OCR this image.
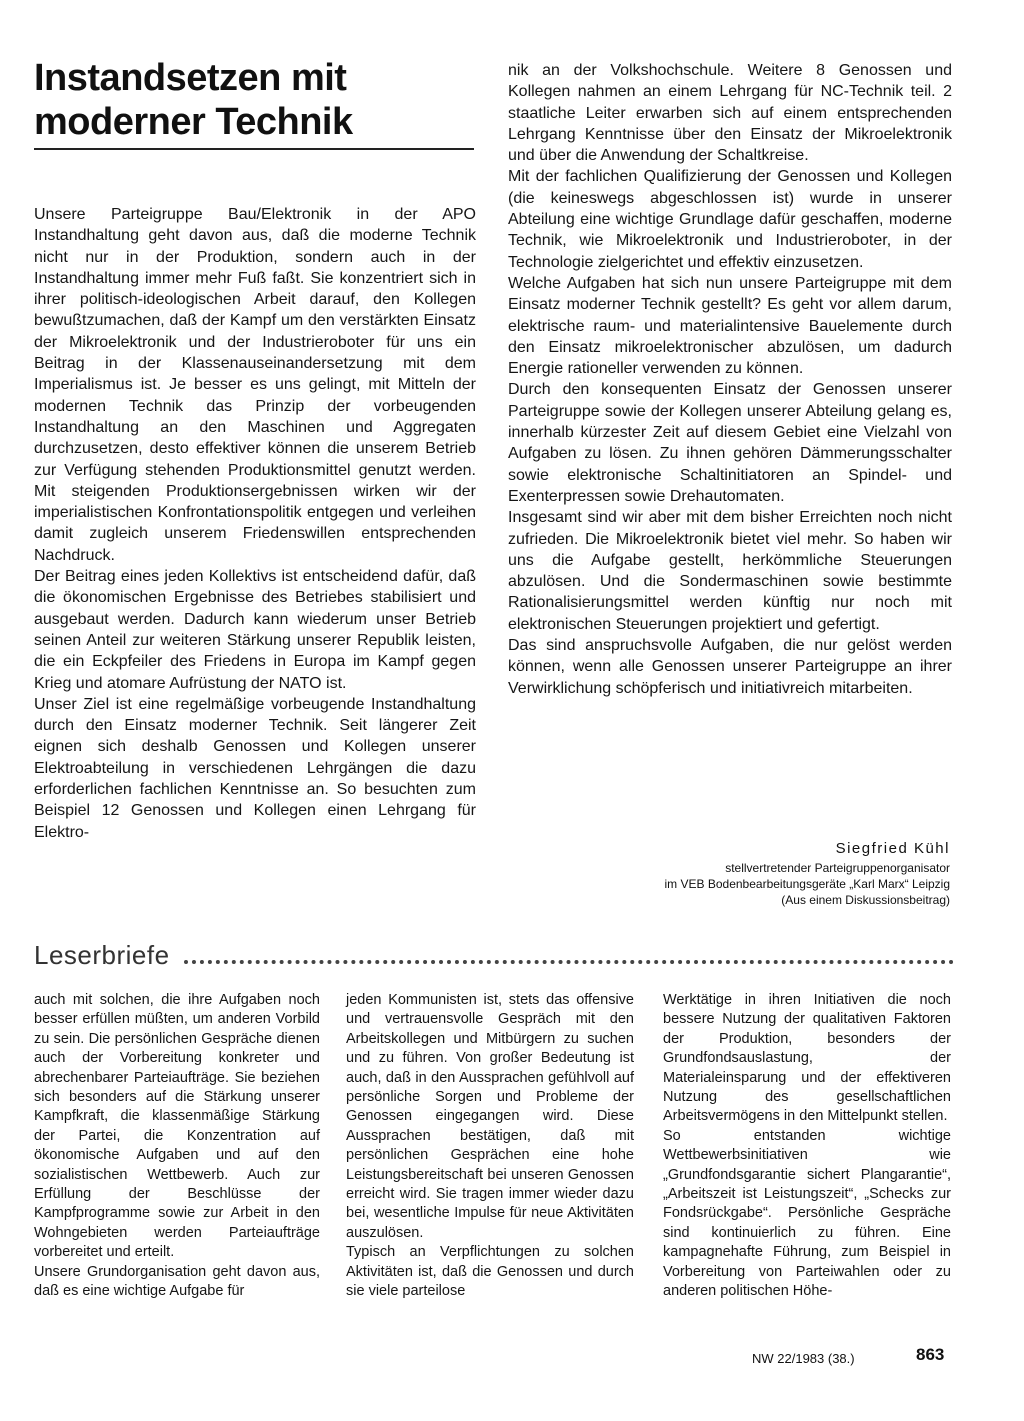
Instandsetzen mit moderner Technik

Unsere Parteigruppe Bau/Elektronik in der APO Instandhaltung geht davon aus, daß die moderne Technik nicht nur in der Produktion, sondern auch in der Instandhaltung immer mehr Fuß faßt. Sie konzentriert sich in ihrer politisch-ideologischen Arbeit darauf, den Kollegen bewußtzumachen, daß der Kampf um den verstärkten Einsatz der Mikroelektronik und der Industrieroboter für uns ein Beitrag in der Klassenauseinandersetzung mit dem Imperialismus ist. Je besser es uns gelingt, mit Mitteln der modernen Technik das Prinzip der vorbeugenden Instandhaltung an den Maschinen und Aggregaten durchzusetzen, desto effektiver können die unserem Betrieb zur Verfügung stehenden Produktionsmittel genutzt werden. Mit steigenden Produktionsergebnissen wirken wir der imperialistischen Konfrontationspolitik entgegen und verleihen damit zugleich unserem Friedenswillen entsprechenden Nachdruck.

Der Beitrag eines jeden Kollektivs ist entscheidend dafür, daß die ökonomischen Ergebnisse des Betriebes stabilisiert und ausgebaut werden. Dadurch kann wiederum unser Betrieb seinen Anteil zur weiteren Stärkung unserer Republik leisten, die ein Eckpfeiler des Friedens in Europa im Kampf gegen Krieg und atomare Aufrüstung der NATO ist.

Unser Ziel ist eine regelmäßige vorbeugende Instandhaltung durch den Einsatz moderner Technik. Seit längerer Zeit eignen sich deshalb Genossen und Kollegen unserer Elektroabteilung in verschiedenen Lehrgängen die dazu erforderlichen fachlichen Kenntnisse an. So besuchten zum Beispiel 12 Genossen und Kollegen einen Lehrgang für Elektro-

nik an der Volkshochschule. Weitere 8 Genossen und Kollegen nahmen an einem Lehrgang für NC-Technik teil. 2 staatliche Leiter erwarben sich auf einem entsprechenden Lehrgang Kenntnisse über den Einsatz der Mikroelektronik und über die Anwendung der Schaltkreise.

Mit der fachlichen Qualifizierung der Genossen und Kollegen (die keineswegs abgeschlossen ist) wurde in unserer Abteilung eine wichtige Grundlage dafür geschaffen, moderne Technik, wie Mikroelektronik und Industrieroboter, in der Technologie zielgerichtet und effektiv einzusetzen.

Welche Aufgaben hat sich nun unsere Parteigruppe mit dem Einsatz moderner Technik gestellt? Es geht vor allem darum, elektrische raum- und materialintensive Bauelemente durch den Einsatz mikroelektronischer abzulösen, um dadurch Energie rationeller verwenden zu können.

Durch den konsequenten Einsatz der Genossen unserer Parteigruppe sowie der Kollegen unserer Abteilung gelang es, innerhalb kürzester Zeit auf diesem Gebiet eine Vielzahl von Aufgaben zu lösen. Zu ihnen gehören Dämmerungsschalter sowie elektronische Schaltinitiatoren an Spindel- und Exenterpressen sowie Drehautomaten.

Insgesamt sind wir aber mit dem bisher Erreichten noch nicht zufrieden. Die Mikroelektronik bietet viel mehr. So haben wir uns die Aufgabe gestellt, herkömmliche Steuerungen abzulösen. Und die Sondermaschinen sowie bestimmte Rationalisierungsmittel werden künftig nur noch mit elektronischen Steuerungen projektiert und gefertigt.

Das sind anspruchsvolle Aufgaben, die nur gelöst werden können, wenn alle Genossen unserer Parteigruppe an ihrer Verwirklichung schöpferisch und initiativreich mitarbeiten.

Siegfried Kühl
stellvertretender Parteigruppenorganisator
im VEB Bodenbearbeitungsgeräte „Karl Marx“ Leipzig
(Aus einem Diskussionsbeitrag)
Leserbriefe

auch mit solchen, die ihre Aufgaben noch besser erfüllen müßten, um anderen Vorbild zu sein. Die persönlichen Gespräche dienen auch der Vorbereitung konkreter und abrechenbarer Parteiaufträge. Sie beziehen sich besonders auf die Stärkung unserer Kampfkraft, die klassenmäßige Stärkung der Partei, die Konzentration auf ökonomische Aufgaben und auf den sozialistischen Wettbewerb. Auch zur Erfüllung der Beschlüsse der Kampfprogramme sowie zur Arbeit in den Wohngebieten werden Parteiaufträge vorbereitet und erteilt.

Unsere Grundorganisation geht davon aus, daß es eine wichtige Aufgabe für

jeden Kommunisten ist, stets das offensive und vertrauensvolle Gespräch mit den Arbeitskollegen und Mitbürgern zu suchen und zu führen. Von großer Bedeutung ist auch, daß in den Aussprachen gefühlvoll auf persönliche Sorgen und Probleme der Genossen eingegangen wird. Diese Aussprachen bestätigen, daß mit persönlichen Gesprächen eine hohe Leistungsbereitschaft bei unseren Genossen erreicht wird. Sie tragen immer wieder dazu bei, wesentliche Impulse für neue Aktivitäten auszulösen.

Typisch an Verpflichtungen zu solchen Aktivitäten ist, daß die Genossen und durch sie viele parteilose

Werktätige in ihren Initiativen die noch bessere Nutzung der qualitativen Faktoren der Produktion, besonders der Grundfondsauslastung, der Materialeinsparung und der effektiveren Nutzung des gesellschaftlichen Arbeitsvermögens in den Mittelpunkt stellen.

So entstanden wichtige Wettbewerbsinitiativen wie „Grundfondsgarantie sichert Plangarantie“, „Arbeitszeit ist Leistungszeit“, „Schecks zur Fondsrückgabe“. Persönliche Gespräche sind kontinuierlich zu führen. Eine kampagnehafte Führung, zum Beispiel in Vorbereitung von Parteiwahlen oder zu anderen politischen Höhe-

NW 22/1983 (38.)	863
